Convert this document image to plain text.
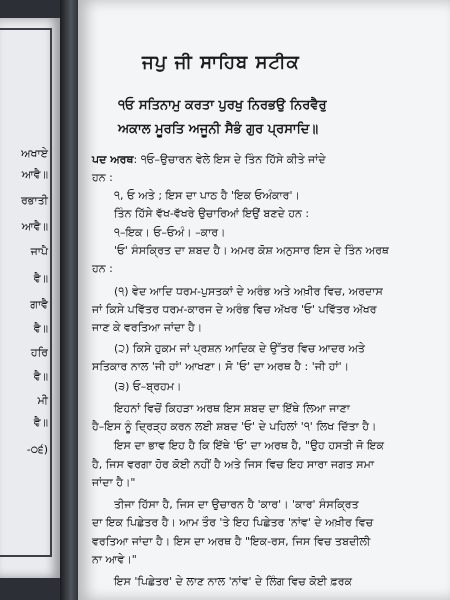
ਅਖਾਏ
ਆਵੈ॥
ਰਭਾਤੀ
ਆਵੈ॥
ਜਾਪੈ
ਵੈ॥
ਗਾਵੈ
ਵੈ॥
ਹਰਿ
ਵੈ॥
ਮੀ
ਵੈ॥
-੦੬)
ਜਪੁ ਜੀ ਸਾਹਿਬ ਸਟੀਕ
੧ਓ ਸਤਿਨਾਮੁ ਕਰਤਾ ਪੁਰਖੁ ਨਿਰਭਉ ਨਿਰਵੈਰੁ
ਅਕਾਲ ਮੂਰਤਿ ਅਜੂਨੀ ਸੈਭੰ ਗੁਰ ਪ੍ਰਸਾਦਿ॥
ਪਦ ਅਰਥ: ੧ਓ–ਉਚਾਰਨ ਵੇਲੇ ਇਸ ਦੇ ਤਿੰਨ ਹਿੱਸੇ ਕੀਤੇ ਜਾਂਦੇ
ਹਨ :
੧, ਓ ਅਤੇ ; ਇਸ ਦਾ ਪਾਠ ਹੈ 'ਇਕ ਓਅੰਕਾਰ'।
ਤਿੰਨ ਹਿੱਸੇ ਵੱਖ-ਵੱਖਰੇ ਉਚਾਰਿਆਂ ਇਉਂ ਬਣਦੇ ਹਨ :
੧–ਇਕ। ਓ–ਓਅੰ। –ਕਾਰ।
'ਓ' ਸੰਸਕ੍ਰਿਤ ਦਾ ਸ਼ਬਦ ਹੈ। ਅਮਰ ਕੋਸ਼ ਅਨੁਸਾਰ ਇਸ ਦੇ ਤਿੰਨ ਅਰਥ
ਹਨ :
(੧) ਵੇਦ ਆਦਿ ਧਰਮ-ਪੁਸਤਕਾਂ ਦੇ ਅਰੰਭ ਅਤੇ ਅਖ਼ੀਰ ਵਿਚ, ਅਰਦਾਸ
ਜਾਂ ਕਿਸੇ ਪਵਿੱਤਰ ਧਰਮ-ਕਾਰਜ ਦੇ ਅਰੰਭ ਵਿਚ ਅੱਖਰ 'ਓ' ਪਵਿੱਤਰ ਅੱਖਰ
ਜਾਣ ਕੇ ਵਰਤਿਆ ਜਾਂਦਾ ਹੈ।
(੨) ਕਿਸੇ ਹੁਕਮ ਜਾਂ ਪ੍ਰਸ਼ਨ ਆਦਿਕ ਦੇ ਉੱਤਰ ਵਿਚ ਆਦਰ ਅਤੇ
ਸਤਿਕਾਰ ਨਾਲ 'ਜੀ ਹਾਂ' ਆਖਣਾ। ਸੋ 'ਓ' ਦਾ ਅਰਥ ਹੈ : 'ਜੀ ਹਾਂ'।
(੩) ਓ–ਬ੍ਰਹਮ।
ਇਹਨਾਂ ਵਿਚੋਂ ਕਿਹੜਾ ਅਰਥ ਇਸ ਸ਼ਬਦ ਦਾ ਇੱਥੇ ਲਿਆ ਜਾਣਾ
ਹੈ–ਇਸ ਨੂੰ ਦ੍ਰਿੜ੍ਹ ਕਰਨ ਲਈ ਸ਼ਬਦ 'ਓ' ਦੇ ਪਹਿਲਾਂ '੧' ਲਿਖ ਦਿੱਤਾ ਹੈ।
ਇਸ ਦਾ ਭਾਵ ਇਹ ਹੈ ਕਿ ਇੱਥੇ 'ਓ' ਦਾ ਅਰਥ ਹੈ, "ਉਹ ਹਸਤੀ ਜੋ ਇਕ
ਹੈ, ਜਿਸ ਵਰਗਾ ਹੋਰ ਕੋਈ ਨਹੀਂ ਹੈ ਅਤੇ ਜਿਸ ਵਿਚ ਇਹ ਸਾਰਾ ਜਗਤ ਸਮਾ
ਜਾਂਦਾ ਹੈ।"
ਤੀਜਾ ਹਿੱਸਾ ਹੈ, ਜਿਸ ਦਾ ਉਚਾਰਨ ਹੈ 'ਕਾਰ'। 'ਕਾਰ' ਸੰਸਕ੍ਰਿਤ
ਦਾ ਇਕ ਪਿਛੇਤਰ ਹੈ। ਆਮ ਤੌਰ 'ਤੇ ਇਹ ਪਿਛੇਤਰ 'ਨਾਂਵ' ਦੇ ਅਖ਼ੀਰ ਵਿਚ
ਵਰਤਿਆ ਜਾਂਦਾ ਹੈ। ਇਸ ਦਾ ਅਰਥ ਹੈ "ਇਕ-ਰਸ, ਜਿਸ ਵਿਚ ਤਬਦੀਲੀ
ਨਾ ਆਵੇ।"
ਇਸ 'ਪਿਛੇਤਰ' ਦੇ ਲਾਣ ਨਾਲ 'ਨਾਂਵ' ਦੇ ਲਿੰਗ ਵਿਚ ਕੋਈ ਫ਼ਰਕ
